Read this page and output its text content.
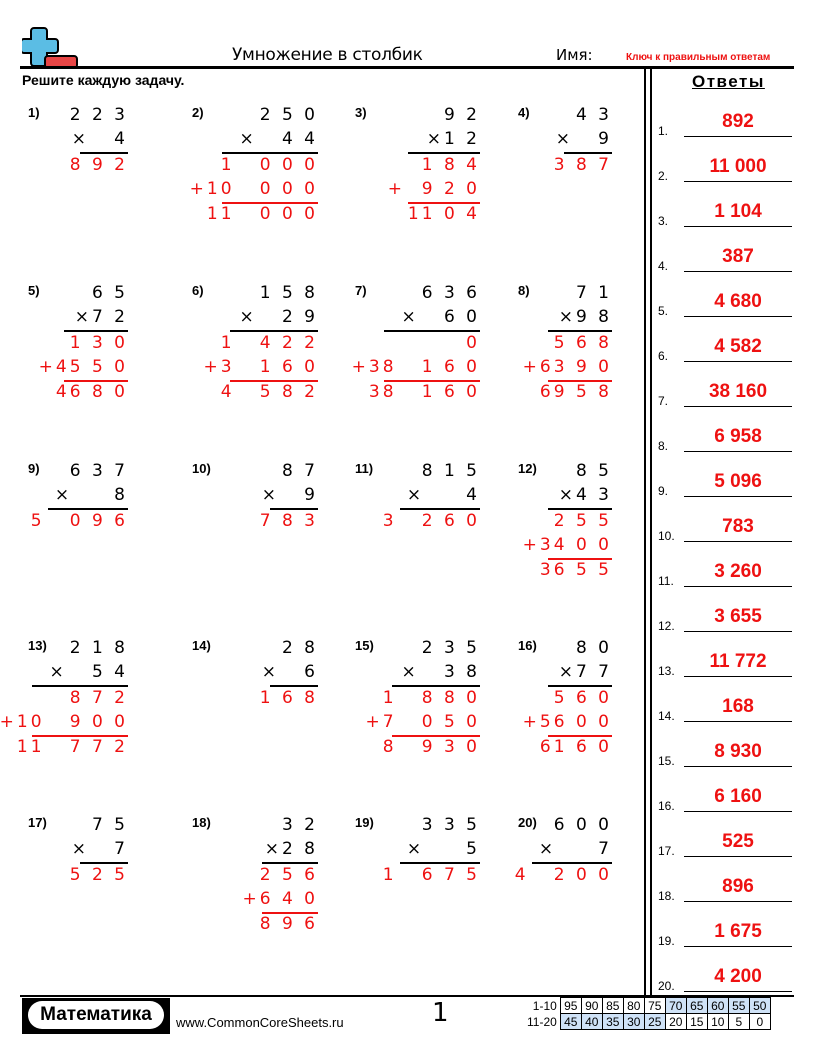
Умножение в столбик	Имя:	Ключ к правильным ответам
Решите каждую задачу.	Ответы
1) 2 2 3
×   4
8 9 2
2)	2 5 0
×   4 4
1   0 0 0
+10   0 0 0
11   0 0 0
3)	9 2
×1 2
1 8 4
+  9 2 0
11 0 4
4)	4 3
×   9
3 8 7
5)	6 5
×7 2
1 3 0
+45 5 0
46 8 0
6)	1 5 8
×   2 9
1   4 2 2
+3   1 6 0
4   5 8 2
7)	6 3 6
×   6 0
0
+38   1 6 0
38   1 6 0
8)	7 1
×9 8
5 6 8
+63 9 0
69 5 8
9) 6 3 7
×     8
5   0 9 6
10)	8 7
×   9
7 8 3
11)	8 1 5
×     4
3   2 6 0
12) 8 5
×4 3
2 5 5
+34 0 0
36 5 5
13) 2 1 8
×   5 4
8 7 2
+10   9 0 0
11   7 7 2
14)	2 8
×   6
1 6 8
15)	2 3 5
×   3 8
1   8 8 0
+7   0 5 0
8   9 3 0
16) 8 0
×7 7
5 6 0
+56 0 0
61 6 0
17)	7 5
×   7
5 2 5
18)	3 2
×2 8
2 5 6
+6 4 0
8 9 6
19)	3 3 5
×     5
1   6 7 5
20) 6 0 0
×     7
4   2 0 0
1.	892
2.	11 000
3.	1 104
4.	387
5.	4 680
6.	4 582
7.	38 160
8.	6 958
9.	5 096
10.	783
11.	3 260
12.	3 655
13.	11 772
14.	168
15.	8 930
16.	6 160
17.	525
18.	896
19.	1 675
20.	4 200
Математика	www.CommonCoreSheets.ru	1	1-10	95	90	85	80	75	70	65	60	55	50
11-20	45	40	35	30	25	20	15	10	5	0
